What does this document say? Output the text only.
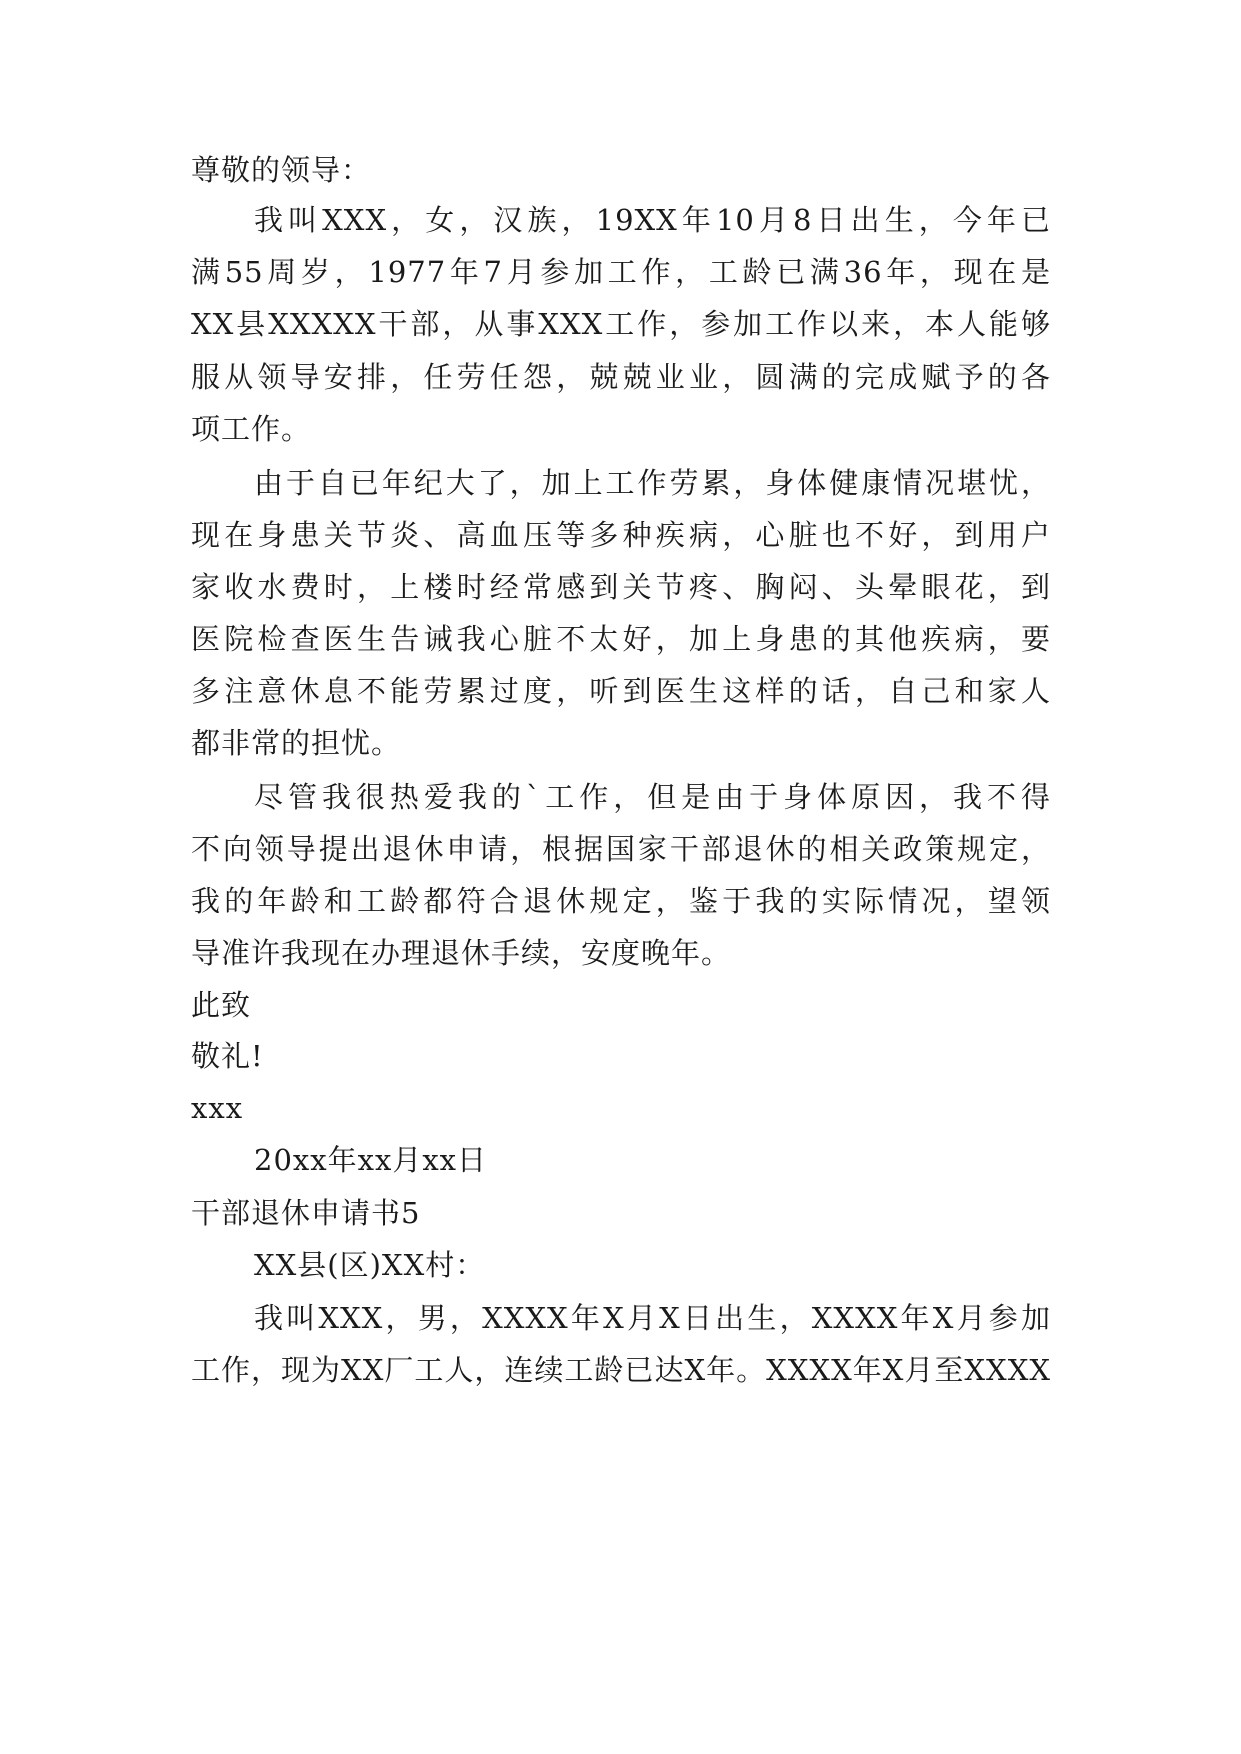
尊敬的领导：
我叫XXX，女，汉族，19XX年10月8日出生，今年已
满55周岁，1977年7月参加工作，工龄已满36年，现在是
XX县XXXXX干部，从事XXX工作，参加工作以来，本人能够
服从领导安排，任劳任怨，兢兢业业，圆满的完成赋予的各
项工作。
由于自已年纪大了，加上工作劳累，身体健康情况堪忧，
现在身患关节炎、高血压等多种疾病，心脏也不好，到用户
家收水费时，上楼时经常感到关节疼、胸闷、头晕眼花，到
医院检查医生告诫我心脏不太好，加上身患的其他疾病，要
多注意休息不能劳累过度，听到医生这样的话，自己和家人
都非常的担忧。
尽管我很热爱我的`工作，但是由于身体原因，我不得
不向领导提出退休申请，根据国家干部退休的相关政策规定，
我的年龄和工龄都符合退休规定，鉴于我的实际情况，望领
导准许我现在办理退休手续，安度晚年。
此致
敬礼!
xxx
20xx年xx月xx日
干部退休申请书5
XX县(区)XX村：
我叫XXX，男，XXXX年X月X日出生，XXXX年X月参加
工作，现为XX厂工人，连续工龄已达X年。XXXX年X月至XXXX
